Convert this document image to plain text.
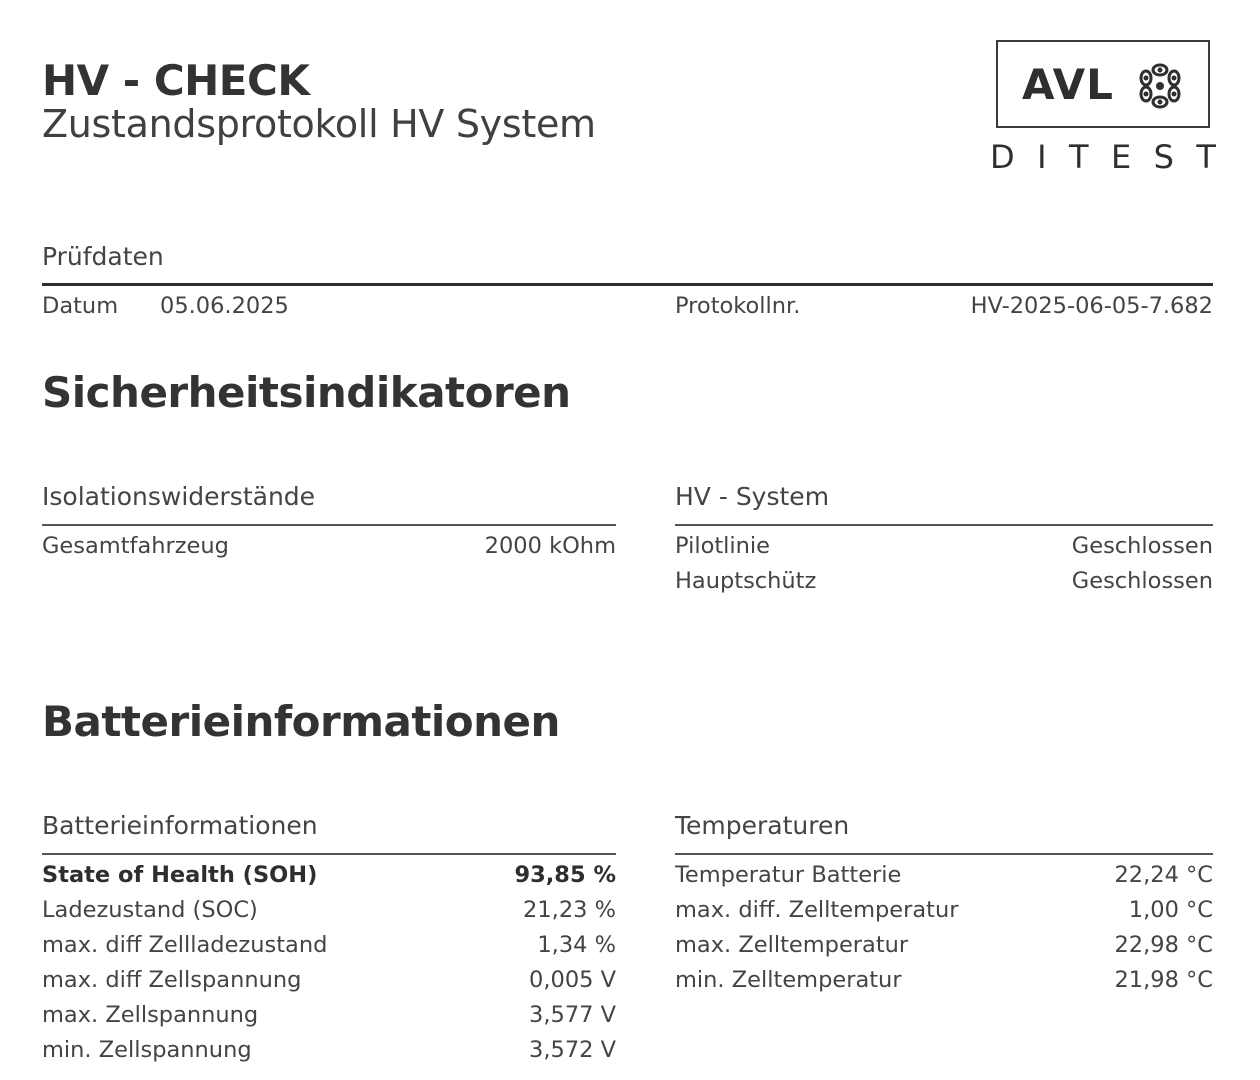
HV - CHECK
Zustandsprotokoll HV System
AVL
D I T E S T
Prüfdaten
Datum 05.06.2025	Protokollnr.	HV-2025-06-05-7.682
Sicherheitsindikatoren
Isolationswiderstände
Gesamtfahrzeug	2000 kOhm
HV - System
Pilotlinie	Geschlossen
Hauptschütz	Geschlossen
Batterieinformationen
Batterieinformationen
State of Health (SOH)	93,85 %
Ladezustand (SOC)	21,23 %
max. diff Zellladezustand	1,34 %
max. diff Zellspannung	0,005 V
max. Zellspannung	3,577 V
min. Zellspannung	3,572 V
Temperaturen
Temperatur Batterie	22,24 °C
max. diff. Zelltemperatur	1,00 °C
max. Zelltemperatur	22,98 °C
min. Zelltemperatur	21,98 °C
